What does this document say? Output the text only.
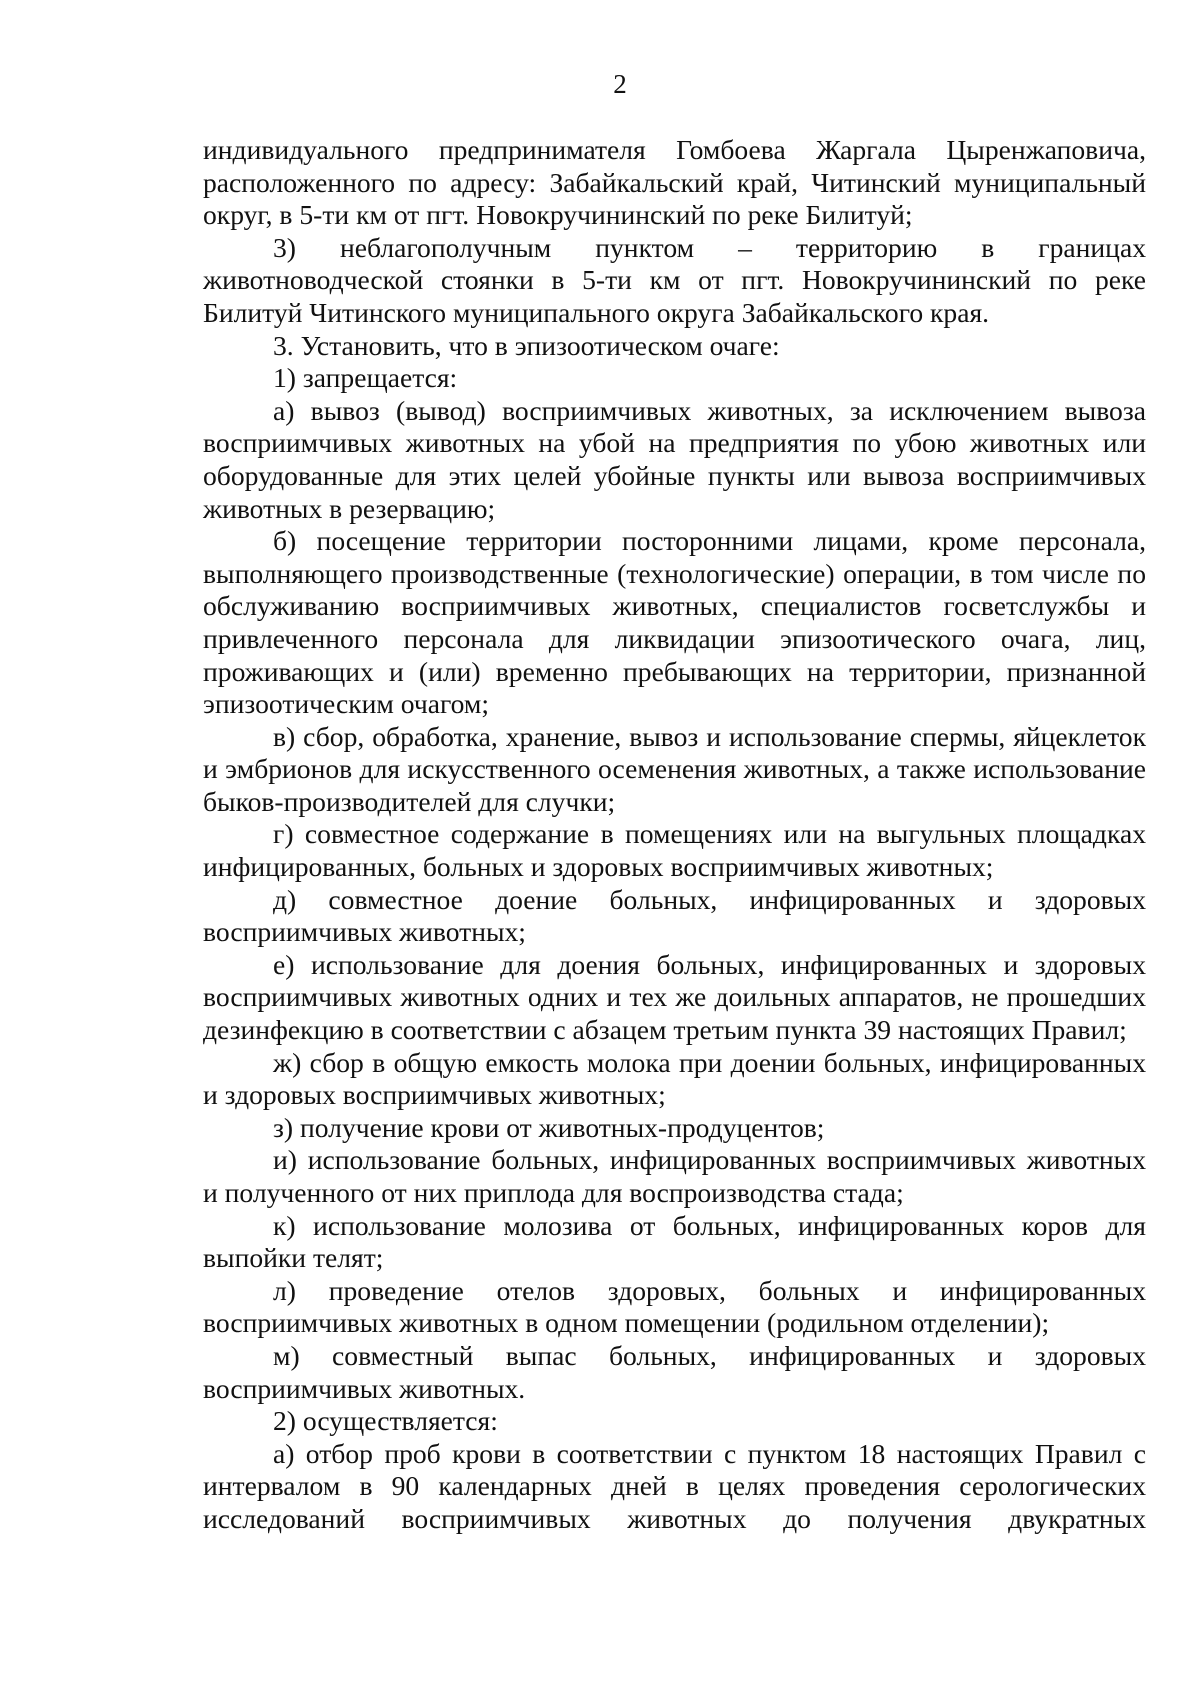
2

индивидуального предпринимателя Гомбоева Жаргала Цыренжаповича, расположенного по адресу: Забайкальский край, Читинский муниципальный округ, в 5-ти км от пгт. Новокручининский по реке Билитуй;

3) неблагополучным пунктом – территорию в границах животноводческой стоянки в 5-ти км от пгт. Новокручининский по реке Билитуй Читинского муниципального округа Забайкальского края.

3. Установить, что в эпизоотическом очаге:

1) запрещается:

а) вывоз (вывод) восприимчивых животных, за исключением вывоза восприимчивых животных на убой на предприятия по убою животных или оборудованные для этих целей убойные пункты или вывоза восприимчивых животных в резервацию;

б) посещение территории посторонними лицами, кроме персонала, выполняющего производственные (технологические) операции, в том числе по обслуживанию восприимчивых животных, специалистов госветслужбы и привлеченного персонала для ликвидации эпизоотического очага, лиц, проживающих и (или) временно пребывающих на территории, признанной эпизоотическим очагом;

в) сбор, обработка, хранение, вывоз и использование спермы, яйцеклеток и эмбрионов для искусственного осеменения животных, а также использование быков-производителей для случки;

г) совместное содержание в помещениях или на выгульных площадках инфицированных, больных и здоровых восприимчивых животных;

д) совместное доение больных, инфицированных и здоровых восприимчивых животных;

е) использование для доения больных, инфицированных и здоровых восприимчивых животных одних и тех же доильных аппаратов, не прошедших дезинфекцию в соответствии с абзацем третьим пункта 39 настоящих Правил;

ж) сбор в общую емкость молока при доении больных, инфицированных и здоровых восприимчивых животных;

з) получение крови от животных-продуцентов;

и) использование больных, инфицированных восприимчивых животных и полученного от них приплода для воспроизводства стада;

к) использование молозива от больных, инфицированных коров для выпойки телят;

л) проведение отелов здоровых, больных и инфицированных восприимчивых животных в одном помещении (родильном отделении);

м) совместный выпас больных, инфицированных и здоровых восприимчивых животных.

2) осуществляется:

а) отбор проб крови в соответствии с пунктом 18 настоящих Правил с интервалом в 90 календарных дней в целях проведения серологических исследований восприимчивых животных до получения двукратных
